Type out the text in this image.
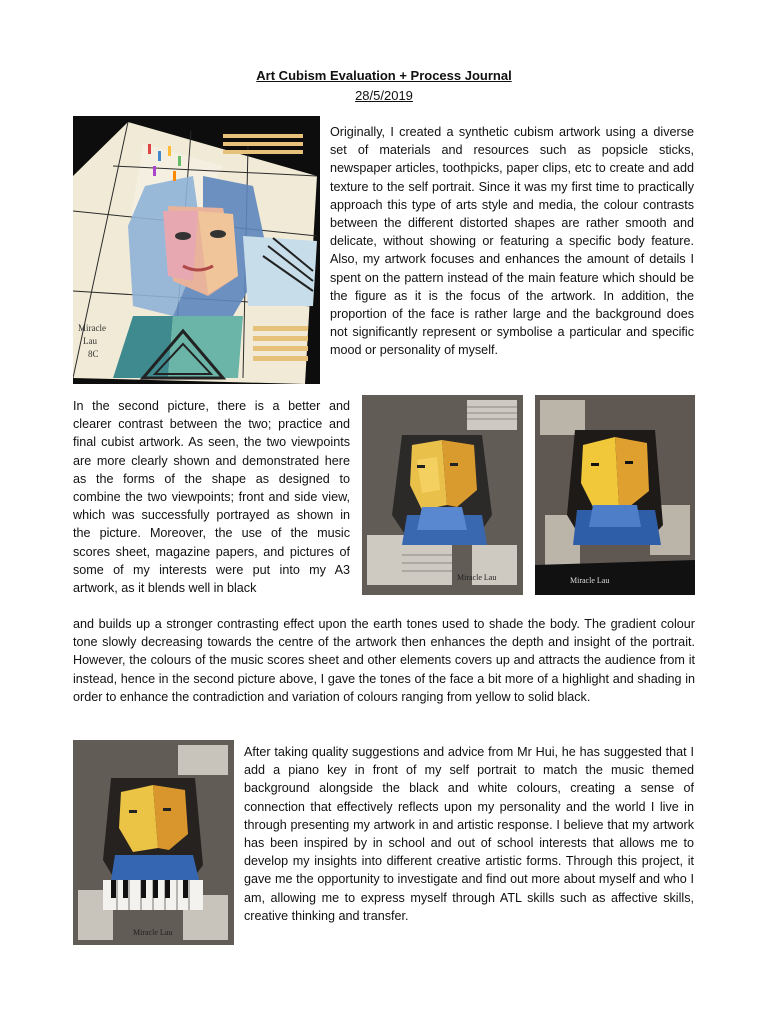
Art Cubism Evaluation + Process Journal
28/5/2019
Miracle
Lau
8C

Originally, I created a synthetic cubism artwork using a diverse set of materials and resources such as popsicle sticks, newspaper articles, toothpicks, paper clips, etc to create and add texture to the self portrait. Since it was my first time to practically approach this type of arts style and media, the colour contrasts between the different distorted shapes are rather smooth and delicate, without showing or featuring a specific body feature. Also, my artwork focuses and enhances the amount of details I spent on the pattern instead of the main feature which should be the figure as it is the focus of the artwork. In addition, the proportion of the face is rather large and the background does not significantly represent or symbolise a particular and specific mood or personality of myself.

Miracle Lau	Miracle Lau

In the second picture, there is a better and clearer contrast between the two; practice and final cubist artwork. As seen, the two viewpoints are more clearly shown and demonstrated here as the forms of the shape as designed to combine the two viewpoints; front and side view, which was successfully portrayed as shown in the picture. Moreover, the use of the music scores sheet, magazine papers, and pictures of some of my interests were put into my A3 artwork, as it blends well in black

and builds up a stronger contrasting effect upon the earth tones used to shade the body. The gradient colour tone slowly decreasing towards the centre of the artwork then enhances the depth and insight of the portrait. However, the colours of the music scores sheet and other elements covers up and attracts the audience from it instead, hence in the second picture above, I gave the tones of the face a bit more of a highlight and shading in order to enhance the contradiction and variation of colours ranging from yellow to solid black.

Miracle Lau

After taking quality suggestions and advice from Mr Hui, he has suggested that I add a piano key in front of my self portrait to match the music themed background alongside the black and white colours, creating a sense of connection that effectively reflects upon my personality and the world I live in through presenting my artwork in and artistic response. I believe that my artwork has been inspired by in school and out of school interests that allows me to develop my insights into different creative artistic forms. Through this project, it gave me the opportunity to investigate and find out more about myself and who I am, allowing me to express myself through ATL skills such as affective skills, creative thinking and transfer.
